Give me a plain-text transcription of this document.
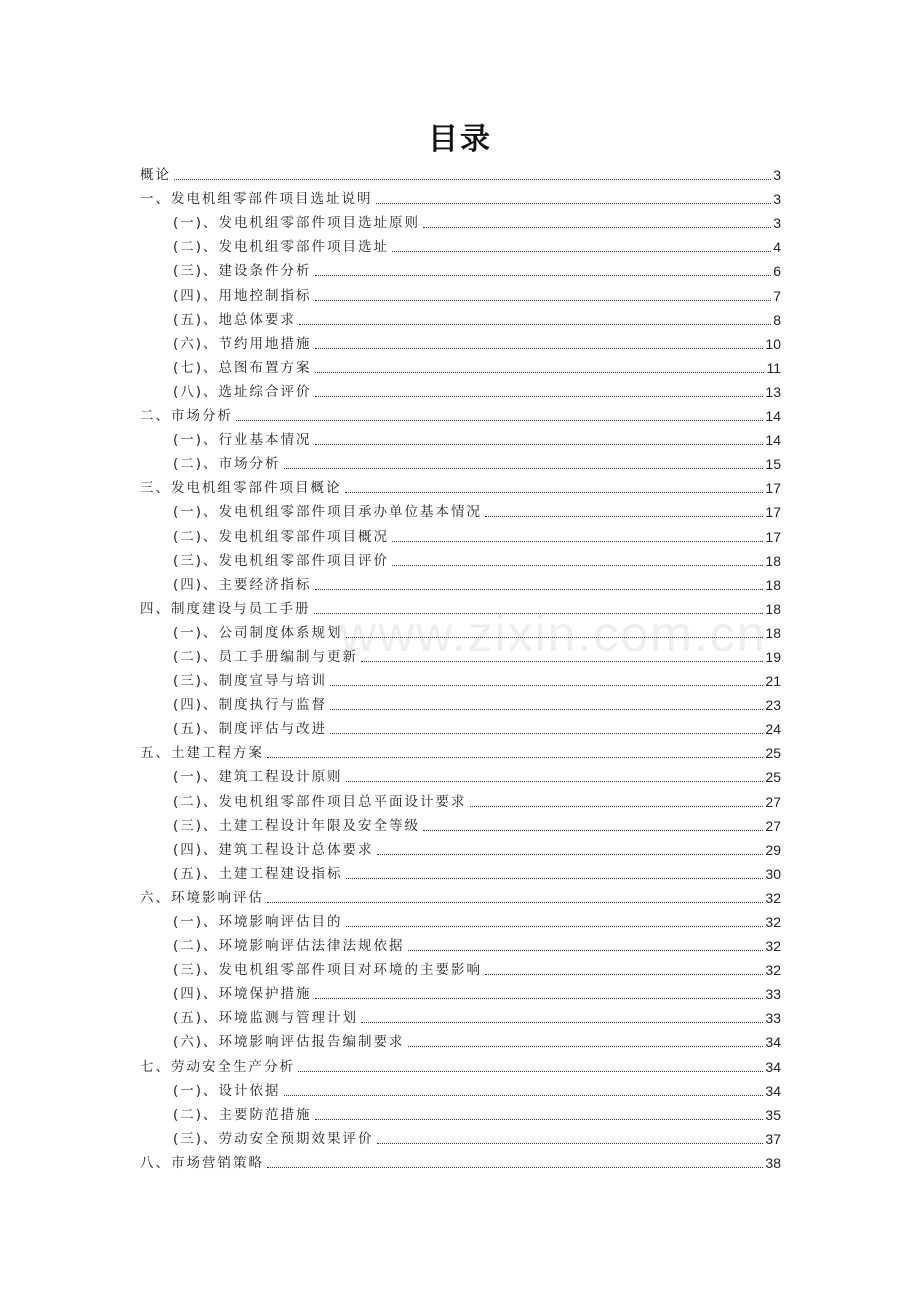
目录
www.zixin.com.cn
概论	3
一、发电机组零部件项目选址说明	3
(一)、发电机组零部件项目选址原则	3
(二)、发电机组零部件项目选址	4
(三)、建设条件分析	6
(四)、用地控制指标	7
(五)、地总体要求	8
(六)、节约用地措施	10
(七)、总图布置方案	11
(八)、选址综合评价	13
二、市场分析	14
(一)、行业基本情况	14
(二)、市场分析	15
三、发电机组零部件项目概论	17
(一)、发电机组零部件项目承办单位基本情况	17
(二)、发电机组零部件项目概况	17
(三)、发电机组零部件项目评价	18
(四)、主要经济指标	18
四、制度建设与员工手册	18
(一)、公司制度体系规划	18
(二)、员工手册编制与更新	19
(三)、制度宣导与培训	21
(四)、制度执行与监督	23
(五)、制度评估与改进	24
五、土建工程方案	25
(一)、建筑工程设计原则	25
(二)、发电机组零部件项目总平面设计要求	27
(三)、土建工程设计年限及安全等级	27
(四)、建筑工程设计总体要求	29
(五)、土建工程建设指标	30
六、环境影响评估	32
(一)、环境影响评估目的	32
(二)、环境影响评估法律法规依据	32
(三)、发电机组零部件项目对环境的主要影响	32
(四)、环境保护措施	33
(五)、环境监测与管理计划	33
(六)、环境影响评估报告编制要求	34
七、劳动安全生产分析	34
(一)、设计依据	34
(二)、主要防范措施	35
(三)、劳动安全预期效果评价	37
八、市场营销策略	38
